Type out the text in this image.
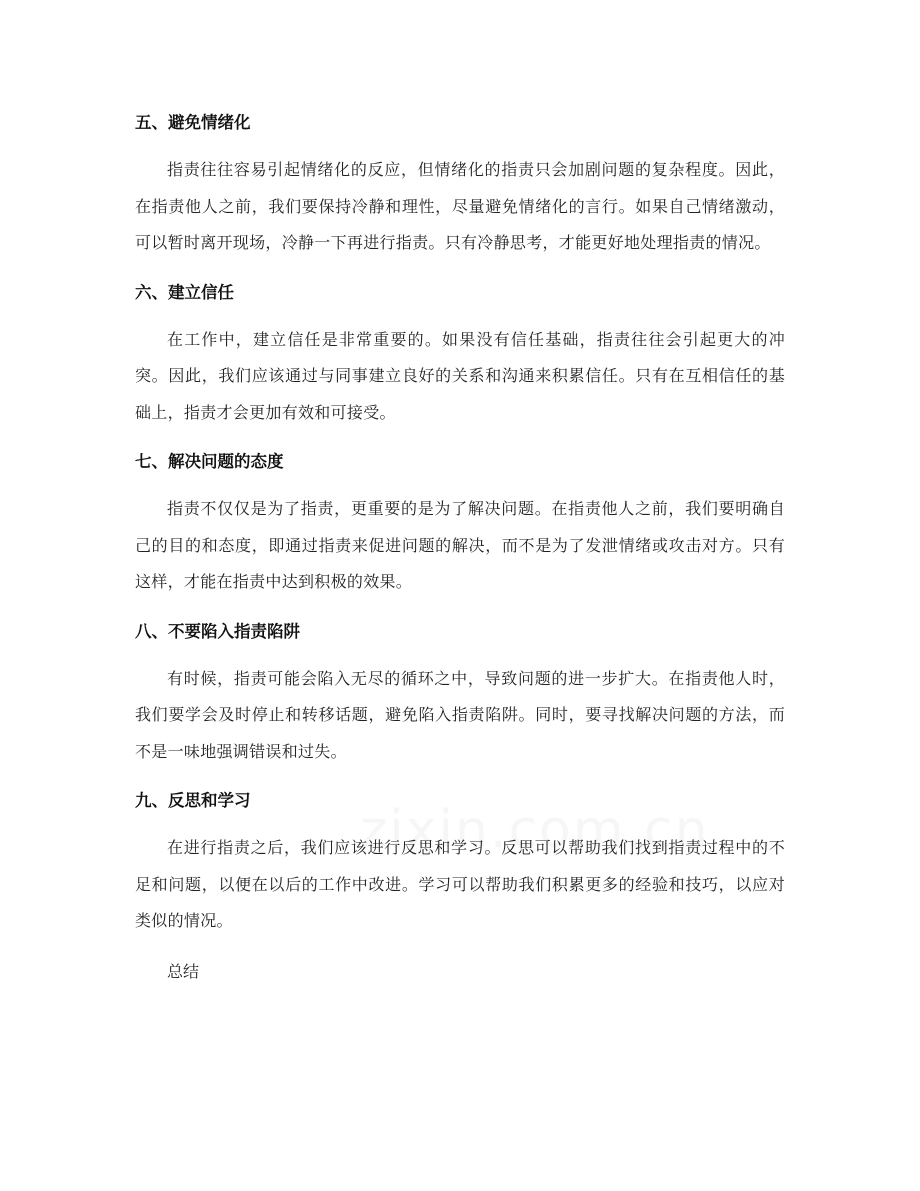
五、避免情绪化

指责往往容易引起情绪化的反应，但情绪化的指责只会加剧问题的复杂程度。因此，在指责他人之前，我们要保持冷静和理性，尽量避免情绪化的言行。如果自己情绪激动，可以暂时离开现场，冷静一下再进行指责。只有冷静思考，才能更好地处理指责的情况。

六、建立信任

在工作中，建立信任是非常重要的。如果没有信任基础，指责往往会引起更大的冲突。因此，我们应该通过与同事建立良好的关系和沟通来积累信任。只有在互相信任的基础上，指责才会更加有效和可接受。

七、解决问题的态度

指责不仅仅是为了指责，更重要的是为了解决问题。在指责他人之前，我们要明确自己的目的和态度，即通过指责来促进问题的解决，而不是为了发泄情绪或攻击对方。只有这样，才能在指责中达到积极的效果。

八、不要陷入指责陷阱

有时候，指责可能会陷入无尽的循环之中，导致问题的进一步扩大。在指责他人时，我们要学会及时停止和转移话题，避免陷入指责陷阱。同时，要寻找解决问题的方法，而不是一味地强调错误和过失。

九、反思和学习

在进行指责之后，我们应该进行反思和学习。反思可以帮助我们找到指责过程中的不足和问题，以便在以后的工作中改进。学习可以帮助我们积累更多的经验和技巧，以应对类似的情况。

总结
